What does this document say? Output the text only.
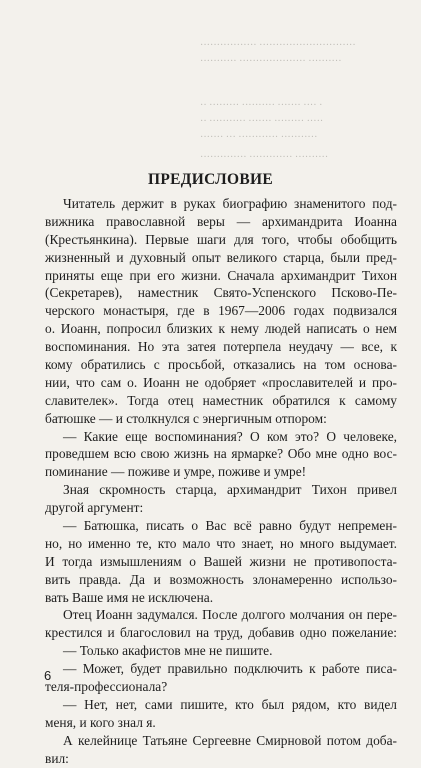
················· ·····························
··········· ···················· ··········
·· ········· ·········· ······· ···· ·
·· ··········· ······· ········· ·····
······· ··· ············ ···········
·············· ············· ··········
ПРЕДИСЛОВИЕ
Читатель держит в руках биографию знаменитого под-
вижника православной веры — архимандрита Иоанна
(Крестьянкина). Первые шаги для того, чтобы обобщить
жизненный и духовный опыт великого старца, были пред-
приняты еще при его жизни. Сначала архимандрит Тихон
(Секретарев), наместник Свято-Успенского Псково-Пе-
черского монастыря, где в 1967—2006 годах подвизался
о. Иоанн, попросил близких к нему людей написать о нем
воспоминания. Но эта затея потерпела неудачу — все, к
кому обратились с просьбой, отказались на том основа-
нии, что сам о. Иоанн не одобряет «прославителей и про-
славителек». Тогда отец наместник обратился к самому
батюшке — и столкнулся с энергичным отпором:
— Какие еще воспоминания? О ком это? О человеке,
проведшем всю свою жизнь на ярмарке? Обо мне одно вос-
поминание — поживе и умре, поживе и умре!
Зная скромность старца, архимандрит Тихон привел
другой аргумент:
— Батюшка, писать о Вас всё равно будут непремен-
но, но именно те, кто мало что знает, но много выдумает.
И тогда измышлениям о Вашей жизни не противопоста-
вить правда. Да и возможность злонамеренно использо-
вать Ваше имя не исключена.
Отец Иоанн задумался. После долгого молчания он пере-
крестился и благословил на труд, добавив одно пожелание:
— Только акафистов мне не пишите.
— Может, будет правильно подключить к работе писа-
теля-профессионала?
— Нет, нет, сами пишите, кто был рядом, кто видел
меня, и кого знал я.
А келейнице Татьяне Сергеевне Смирновой потом доба-
вил:
6
